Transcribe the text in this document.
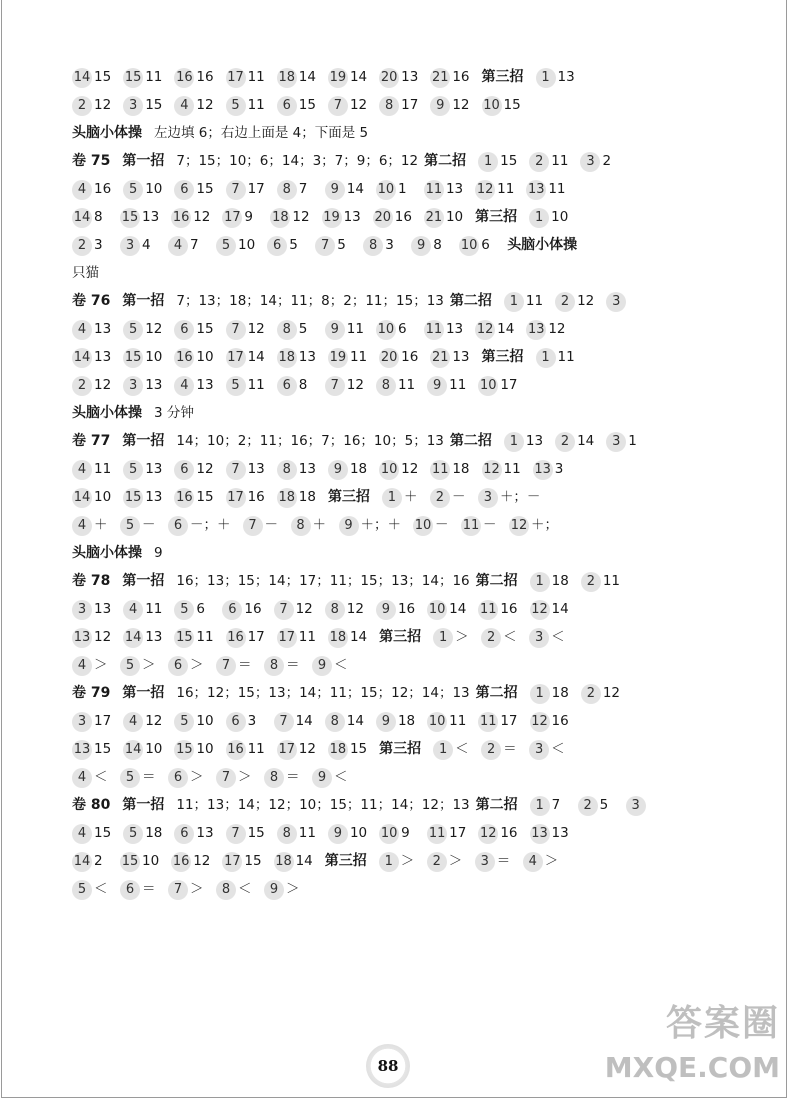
14 15 15 11 16 16 17 11 18 14 19 14 20 13 21 16 第三招 1 13
2 12 3 15 4 12 5 11 6 15 7 12 8 17 9 12 10 15
头脑小体操 左边填 6；右边上面是 4；下面是 5
卷 75 第一招 7；15；10；6；14；3；7；9；6；12 第二招 1 15 2 11 3 2
4 16 5 10 6 15 7 17 8 7 9 14 10 1 11 13 12 11 13 11
14 8 15 13 16 12 17 9 18 12 19 13 20 16 21 10 第三招 1 10
2 3 3 4 4 7 5 10 6 5 7 5 8 3 9 8 10 6 头脑小体操
只猫
卷 76 第一招 7；13；18；14；11；8；2；11；15；13 第二招 1 11 2 12 3
4 13 5 12 6 15 7 12 8 5 9 11 10 6 11 13 12 14 13 12
14 13 15 10 16 10 17 14 18 13 19 11 20 16 21 13 第三招 1 11
2 12 3 13 4 13 5 11 6 8 7 12 8 11 9 11 10 17
头脑小体操 3 分钟
卷 77 第一招 14；10；2；11；16；7；16；10；5；13 第二招 1 13 2 14 3 1
4 11 5 13 6 12 7 13 8 13 9 18 10 12 11 18 12 11 13 3
14 10 15 13 16 15 17 16 18 18 第三招 1 ＋ 2 － 3 ＋；－
4 ＋ 5 － 6 －；＋ 7 － 8 ＋ 9 ＋；＋ 10 － 11 － 12 ＋；
头脑小体操 9
卷 78 第一招 16；13；15；14；17；11；15；13；14；16 第二招 1 18 2 11
3 13 4 11 5 6 6 16 7 12 8 12 9 16 10 14 11 16 12 14
13 12 14 13 15 11 16 17 17 11 18 14 第三招 1 ＞ 2 ＜ 3 ＜
4 ＞ 5 ＞ 6 ＞ 7 ＝ 8 ＝ 9 ＜
卷 79 第一招 16；12；15；13；14；11；15；12；14；13 第二招 1 18 2 12
3 17 4 12 5 10 6 3 7 14 8 14 9 18 10 11 11 17 12 16
13 15 14 10 15 10 16 11 17 12 18 15 第三招 1 ＜ 2 ＝ 3 ＜
4 ＜ 5 ＝ 6 ＞ 7 ＞ 8 ＝ 9 ＜
卷 80 第一招 11；13；14；12；10；15；11；14；12；13 第二招 1 7 2 5 3
4 15 5 18 6 13 7 15 8 11 9 10 10 9 11 17 12 16 13 13
14 2 15 10 16 12 17 15 18 14 第三招 1 ＞ 2 ＞ 3 ＝ 4 ＞
5 ＜ 6 ＝ 7 ＞ 8 ＜ 9 ＞
88
答案圈
MXQE.COM
